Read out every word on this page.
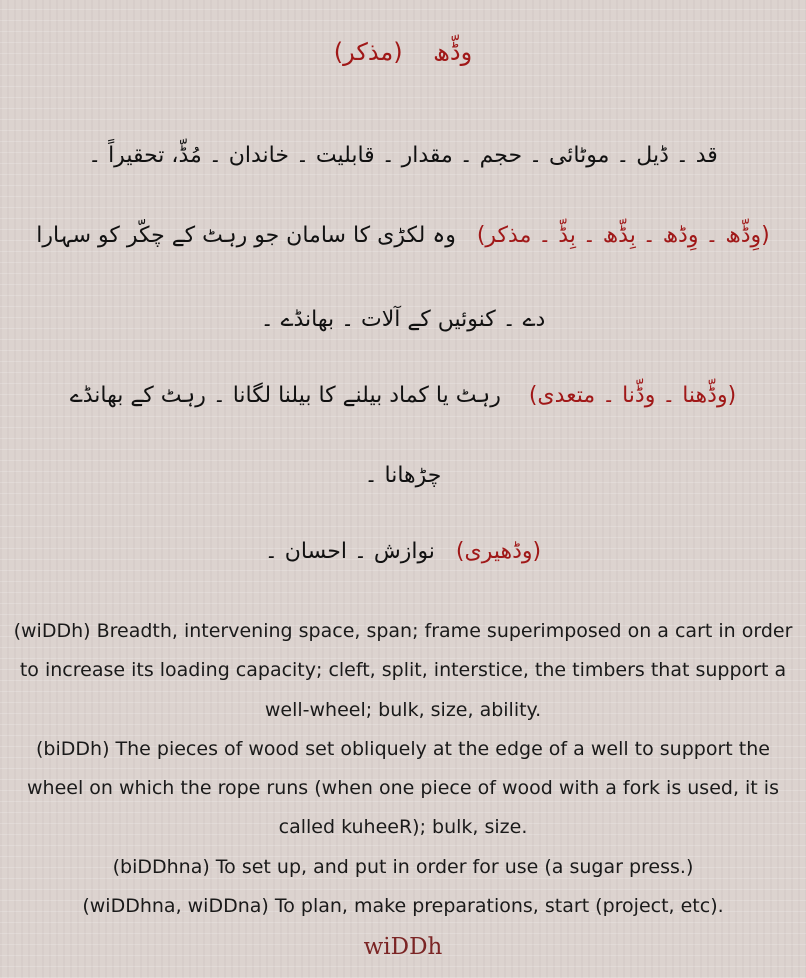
وڈّھ    (مذکر)
قد ۔ ڈیل ۔ موٹائی ۔ حجم ۔ مقدار ۔ قابلیت ۔ خاندان ۔ مُڈّ، تحقیراً ۔
(وِڈّھ ۔ وِڈھ ۔ بِڈّھ ۔ بِڈّ ۔ مذکر)   وہ لکڑی کا سامان جو رہٹ کے چکّر کو سہارا
دے ۔ کنوئیں کے آلات ۔ بھانڈے ۔
(وڈّھنا ۔ وڈّنا ۔ متعدی)    رہٹ یا کماد بیلنے کا بیلنا لگانا ۔ رہٹ کے بھانڈے
چڑھانا ۔
(وڈھیری)   نوازش ۔ احسان ۔

(wiDDh) Breadth, intervening space, span; frame superimposed on a cart in order to increase its loading capacity; cleft, split, interstice, the timbers that support a well-wheel; bulk, size, ability.

(biDDh) The pieces of wood set obliquely at the edge of a well to support the wheel on which the rope runs (when one piece of wood with a fork is used, it is called kuheeR); bulk, size.

(biDDhna) To set up, and put in order for use (a sugar press.)

(wiDDhna, wiDDna) To plan, make preparations, start (project, etc).

wiDDh
